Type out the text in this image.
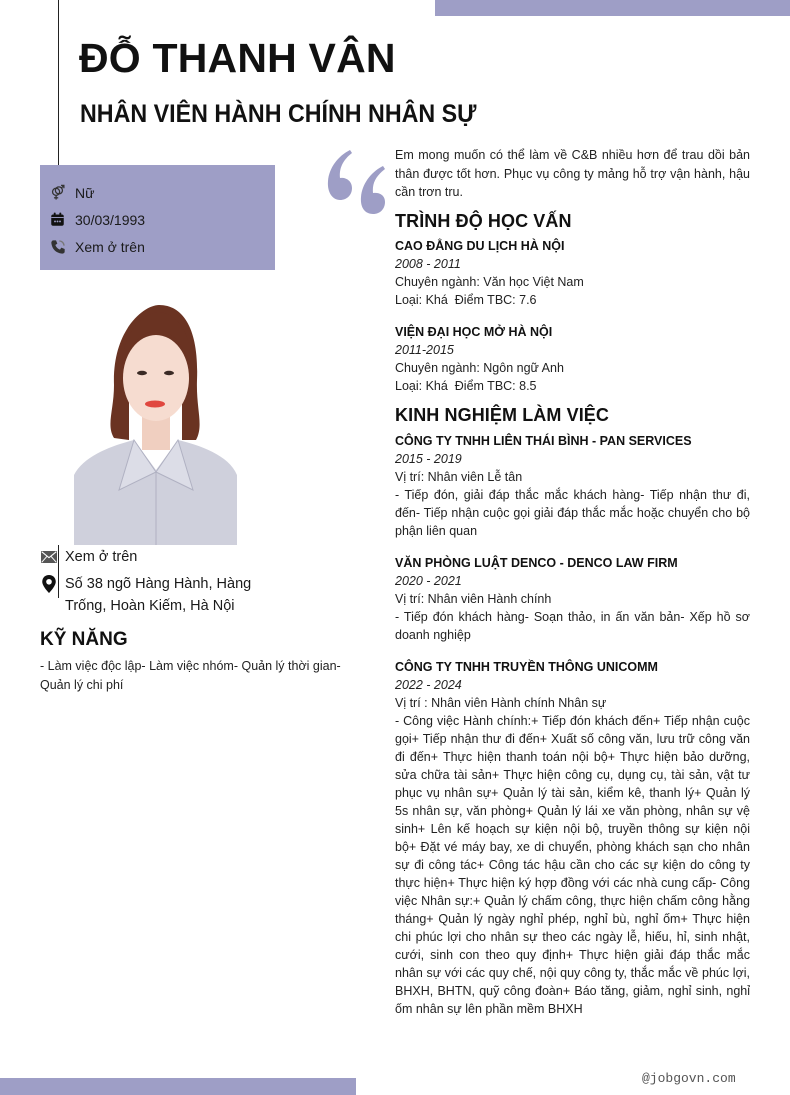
ĐỖ THANH VÂN
NHÂN VIÊN HÀNH CHÍNH NHÂN SỰ
Nữ
30/03/1993
Xem ở trên
Xem ở trên
Số 38 ngõ Hàng Hành, Hàng Trống, Hoàn Kiếm, Hà Nội
KỸ NĂNG

- Làm việc độc lập- Làm việc nhóm- Quản lý thời gian- Quản lý chi phí

Em mong muốn có thể làm về C&B nhiều hơn để trau dồi bản thân được tốt hơn. Phục vụ công ty mảng hỗ trợ vận hành, hậu cần trơn tru.

TRÌNH ĐỘ HỌC VẤN
CAO ĐẲNG DU LỊCH HÀ NỘI
2008 - 2011
Chuyên ngành: Văn học Việt Nam
Loại: Khá  Điểm TBC: 7.6
VIỆN ĐẠI HỌC MỞ HÀ NỘI
2011-2015
Chuyên ngành: Ngôn ngữ Anh
Loại: Khá  Điểm TBC: 8.5
KINH NGHIỆM LÀM VIỆC
CÔNG TY TNHH LIÊN THÁI BÌNH - PAN SERVICES
2015 - 2019
Vị trí: Nhân viên Lễ tân
- Tiếp đón, giải đáp thắc mắc khách hàng- Tiếp nhận thư đi, đến- Tiếp nhận cuộc gọi giải đáp thắc mắc hoặc chuyển cho bộ phận liên quan
VĂN PHÒNG LUẬT DENCO - DENCO LAW FIRM
2020 - 2021
Vị trí: Nhân viên Hành chính
- Tiếp đón khách hàng- Soạn thảo, in ấn văn bản- Xếp hồ sơ doanh nghiệp
CÔNG TY TNHH TRUYỀN THÔNG UNICOMM
2022 - 2024
Vị trí : Nhân viên Hành chính Nhân sự
- Công việc Hành chính:+ Tiếp đón khách đến+ Tiếp nhận cuộc gọi+ Tiếp nhận thư đi đến+ Xuất số công văn, lưu trữ công văn đi đến+ Thực hiện thanh toán nội bộ+ Thực hiện bảo dưỡng, sửa chữa tài sản+ Thực hiện công cụ, dụng cụ, tài sản, vật tư phục vụ nhân sự+ Quản lý tài sản, kiểm kê, thanh lý+ Quản lý 5s nhân sự, văn phòng+ Quản lý lái xe văn phòng, nhân sự vệ sinh+ Lên kế hoạch sự kiện nội bộ, truyền thông sự kiện nội bộ+ Đặt vé máy bay, xe di chuyển, phòng khách sạn cho nhân sự đi công tác+ Công tác hậu cần cho các sự kiện do công ty thực hiện+ Thực hiện ký hợp đồng với các nhà cung cấp- Công việc Nhân sự:+ Quản lý chấm công, thực hiện chấm công hằng tháng+ Quản lý ngày nghỉ phép, nghỉ bù, nghỉ ốm+ Thực hiện chi phúc lợi cho nhân sự theo các ngày lễ, hiếu, hỉ, sinh nhật, cưới, sinh con theo quy định+ Thực hiện giải đáp thắc mắc nhân sự với các quy chế, nội quy công ty, thắc mắc về phúc lợi, BHXH, BHTN, quỹ công đoàn+ Báo tăng, giảm, nghỉ sinh, nghỉ ốm nhân sự lên phần mềm BHXH
@jobgovn.com
